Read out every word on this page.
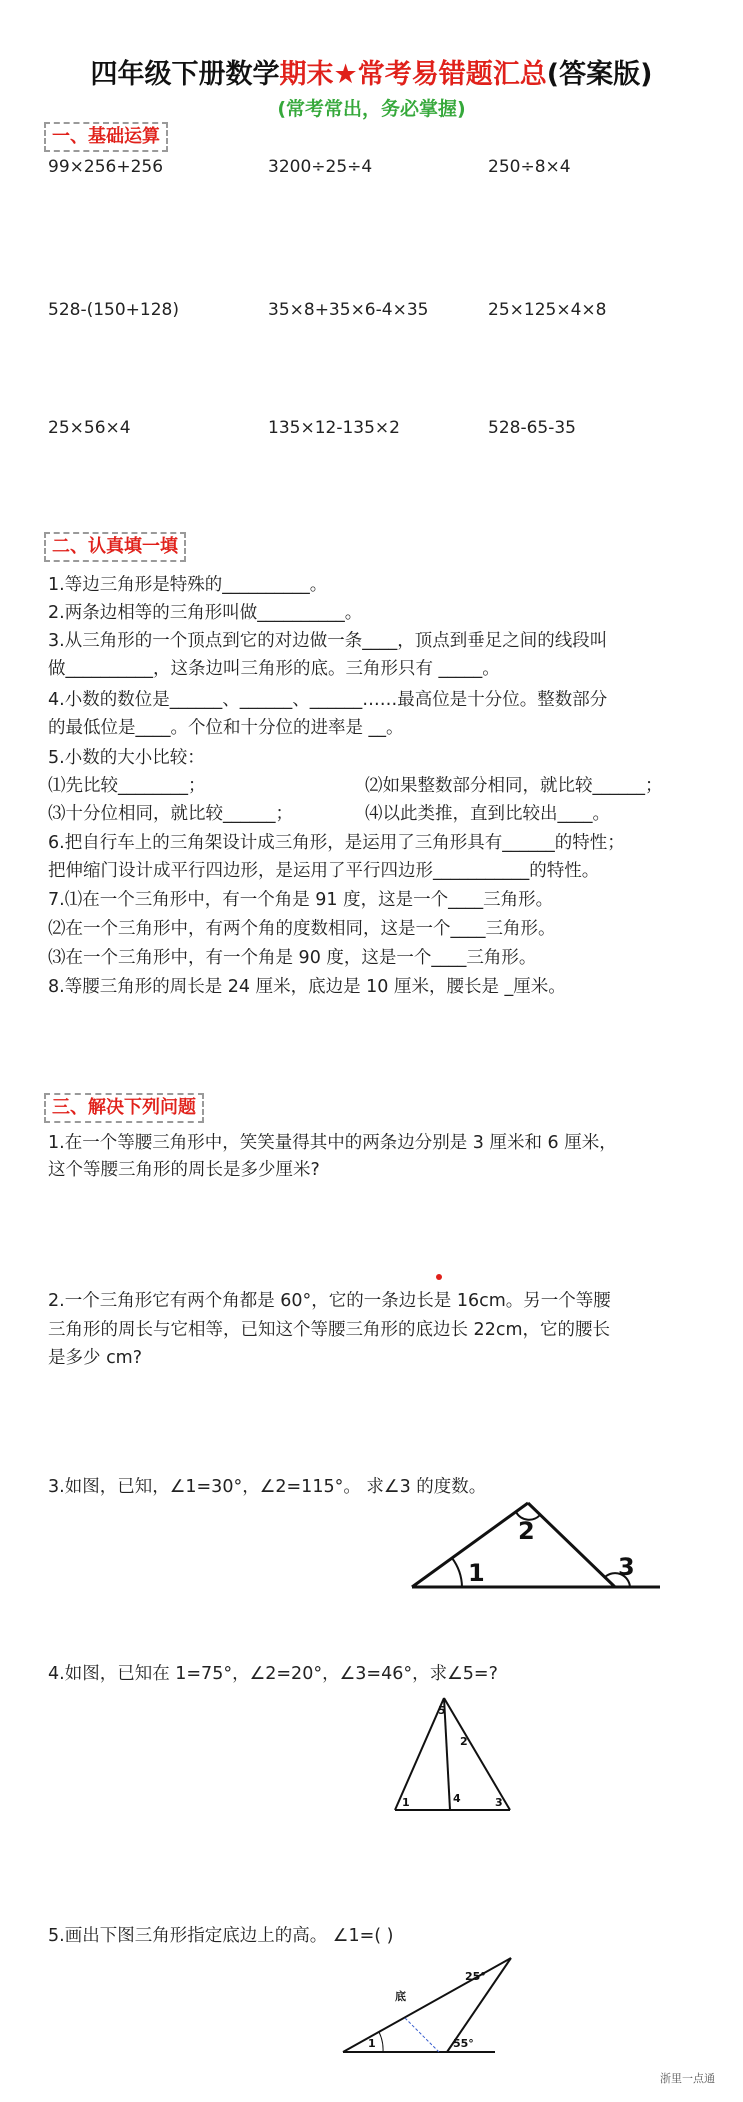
四年级下册数学期末★常考易错题汇总(答案版)
(常考常出，务必掌握)
一、基础运算
99×256+256	3200÷25÷4	250÷8×4
528-(150+128)	35×8+35×6-4×35	25×125×4×8
25×56×4	135×12-135×2	528-65-35
二、认真填一填
1.等边三角形是特殊的__________。
2.两条边相等的三角形叫做__________。
3.从三角形的一个顶点到它的对边做一条____，顶点到垂足之间的线段叫
做__________，这条边叫三角形的底。三角形只有 _____。
4.小数的数位是______、______、______……最高位是十分位。整数部分
的最低位是____。个位和十分位的进率是 __。
5.小数的大小比较：
⑴先比较________；	⑵如果整数部分相同，就比较______；
⑶十分位相同，就比较______；	⑷以此类推，直到比较出____。
6.把自行车上的三角架设计成三角形，是运用了三角形具有______的特性；
把伸缩门设计成平行四边形，是运用了平行四边形___________的特性。
7.⑴在一个三角形中，有一个角是 91 度，这是一个____三角形。
⑵在一个三角形中，有两个角的度数相同，这是一个____三角形。
⑶在一个三角形中，有一个角是 90 度，这是一个____三角形。
8.等腰三角形的周长是 24 厘米，底边是 10 厘米，腰长是 _厘米。
三、解决下列问题
1.在一个等腰三角形中，笑笑量得其中的两条边分别是 3 厘米和 6 厘米，
这个等腰三角形的周长是多少厘米?
2.一个三角形它有两个角都是 60°，它的一条边长是 16cm。另一个等腰
三角形的周长与它相等，已知这个等腰三角形的底边长 22cm，它的腰长
是多少 cm?
3.如图，已知，∠1=30°，∠2=115°。 求∠3 的度数。
1
2
3
4.如图，已知在 1=75°，∠2=20°，∠3=46°，求∠5=?
5
2
1	4	3
5.画出下图三角形指定底边上的高。 ∠1=( )
底
25°
1	55°
浙里一点通
